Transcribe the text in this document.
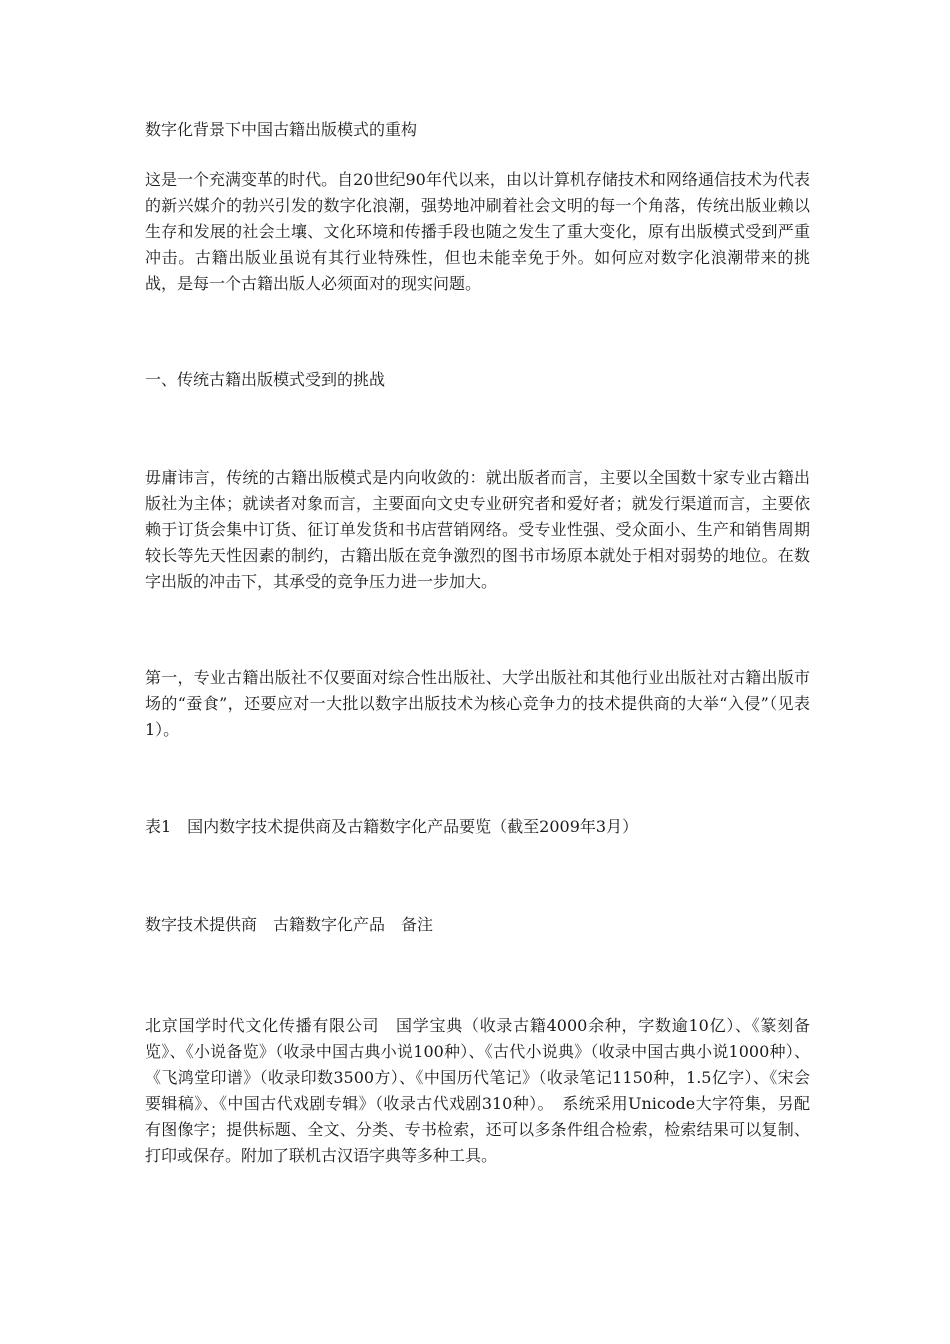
数字化背景下中国古籍出版模式的重构

这是一个充满变革的时代。自20世纪90年代以来，由以计算机存储技术和网络通信技术为代表的新兴媒介的勃兴引发的数字化浪潮，强势地冲刷着社会文明的每一个角落，传统出版业赖以生存和发展的社会土壤、文化环境和传播手段也随之发生了重大变化，原有出版模式受到严重冲击。古籍出版业虽说有其行业特殊性，但也未能幸免于外。如何应对数字化浪潮带来的挑战，是每一个古籍出版人必须面对的现实问题。

一、传统古籍出版模式受到的挑战

毋庸讳言，传统的古籍出版模式是内向收敛的：就出版者而言，主要以全国数十家专业古籍出版社为主体；就读者对象而言，主要面向文史专业研究者和爱好者；就发行渠道而言，主要依赖于订货会集中订货、征订单发货和书店营销网络。受专业性强、受众面小、生产和销售周期较长等先天性因素的制约，古籍出版在竞争激烈的图书市场原本就处于相对弱势的地位。在数字出版的冲击下，其承受的竞争压力进一步加大。

第一，专业古籍出版社不仅要面对综合性出版社、大学出版社和其他行业出版社对古籍出版市场的“蚕食”，还要应对一大批以数字出版技术为核心竞争力的技术提供商的大举“入侵”（见表1）。

表1　国内数字技术提供商及古籍数字化产品要览（截至2009年3月）

数字技术提供商　古籍数字化产品　备注

北京国学时代文化传播有限公司　国学宝典（收录古籍4000余种，字数逾10亿）、《篆刻备览》、《小说备览》（收录中国古典小说100种）、《古代小说典》（收录中国古典小说1000种）、《飞鸿堂印谱》（收录印数3500方）、《中国历代笔记》（收录笔记1150种，1.5亿字）、《宋会要辑稿》、《中国古代戏剧专辑》（收录古代戏剧310种）。　系统采用Unicode大字符集，另配有图像字；提供标题、全文、分类、专书检索，还可以多条件组合检索，检索结果可以复制、打印或保存。附加了联机古汉语字典等多种工具。
